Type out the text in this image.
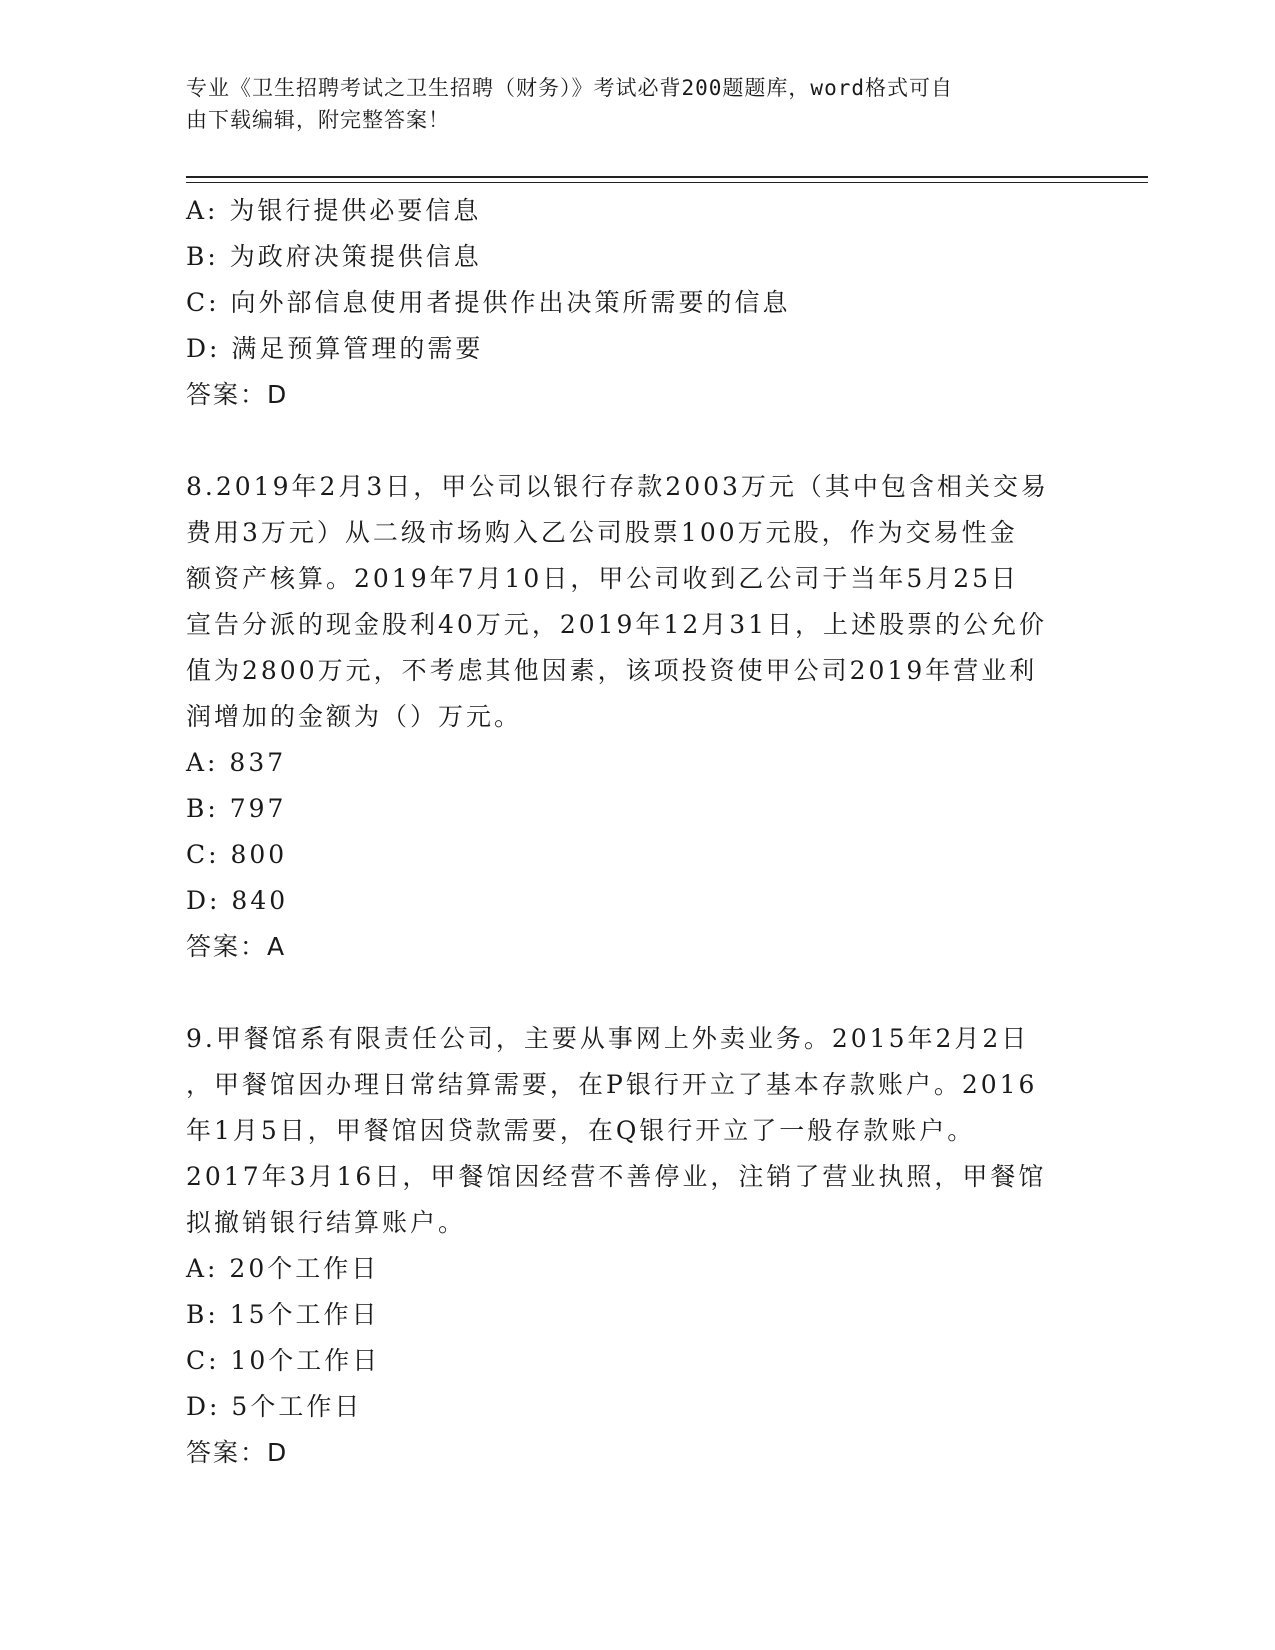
专业《卫生招聘考试之卫生招聘（财务）》考试必背200题题库，word格式可自
由下载编辑，附完整答案！
A: 为银行提供必要信息
B: 为政府决策提供信息
C: 向外部信息使用者提供作出决策所需要的信息
D: 满足预算管理的需要
答案：D
8.2019年2月3日，甲公司以银行存款2003万元（其中包含相关交易
费用3万元）从二级市场购入乙公司股票100万元股，作为交易性金
额资产核算。2019年7月10日，甲公司收到乙公司于当年5月25日
宣告分派的现金股利40万元，2019年12月31日，上述股票的公允价
值为2800万元，不考虑其他因素，该项投资使甲公司2019年营业利
润增加的金额为（）万元。
A: 837
B: 797
C: 800
D: 840
答案：A
9.甲餐馆系有限责任公司，主要从事网上外卖业务。2015年2月2日
，甲餐馆因办理日常结算需要，在P银行开立了基本存款账户。2016
年1月5日，甲餐馆因贷款需要，在Q银行开立了一般存款账户。
2017年3月16日，甲餐馆因经营不善停业，注销了营业执照，甲餐馆
拟撤销银行结算账户。
A: 20个工作日
B: 15个工作日
C: 10个工作日
D: 5个工作日
答案：D
